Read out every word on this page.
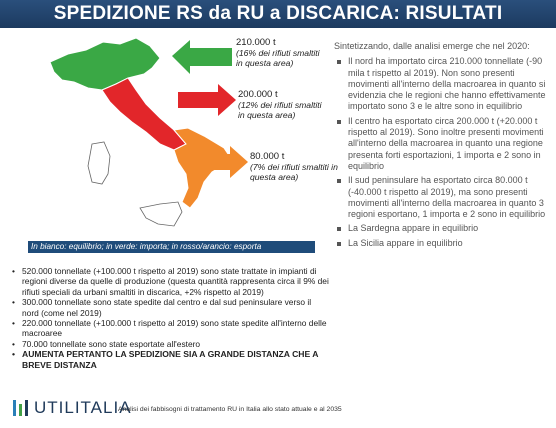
SPEDIZIONE RS da RU a DISCARICA: RISULTATI
210.000 t
(16% dei rifiuti smaltiti in questa area)
200.000 t
(12% dei rifiuti smaltiti in questa area)
80.000 t
(7% dei rifiuti smaltiti in questa area)
In bianco: equilibrio; in verde: importa; in rosso/arancio: esporta
• 520.000 tonnellate (+100.000 t rispetto al 2019) sono state trattate in impianti di regioni diverse da quelle di produzione (questa quantità rappresenta circa il 9% dei rifiuti speciali da urbani smaltiti in discarica, +2% rispetto al 2019)
• 300.000 tonnellate sono state spedite dal centro e dal sud peninsulare verso il nord (come nel 2019)
• 220.000 tonnellate (+100.000 t rispetto al 2019) sono state spedite all'interno delle macroaree
• 70.000 tonnellate sono state esportate all'estero
• AUMENTA PERTANTO LA SPEDIZIONE SIA A GRANDE DISTANZA CHE A BREVE DISTANZA

Sintetizzando, dalle analisi emerge che nel 2020:

Il nord ha importato circa 210.000 tonnellate (-90 mila t rispetto al 2019). Non sono presenti movimenti all'interno della macroarea in quanto si evidenzia che le regioni che hanno effettivamente importato sono 3 e le altre sono in equilibrio
Il centro ha esportato circa 200.000 t (+20.000 t rispetto al 2019). Sono inoltre presenti movimenti all'interno della macroarea in quanto una regione presenta forti esportazioni, 1 importa e 2 sono in equilibrio
Il sud peninsulare ha esportato circa 80.000 t (-40.000 t rispetto al 2019), ma sono presenti movimenti all'interno della macroarea in quanto 3 regioni esportano, 1 importa e 2 sono in equilibrio
La Sardegna appare in equilibrio
La Sicilia appare in equilibrio
UTILITALIA
Analisi dei fabbisogni di trattamento RU in Italia allo stato attuale e al 2035
